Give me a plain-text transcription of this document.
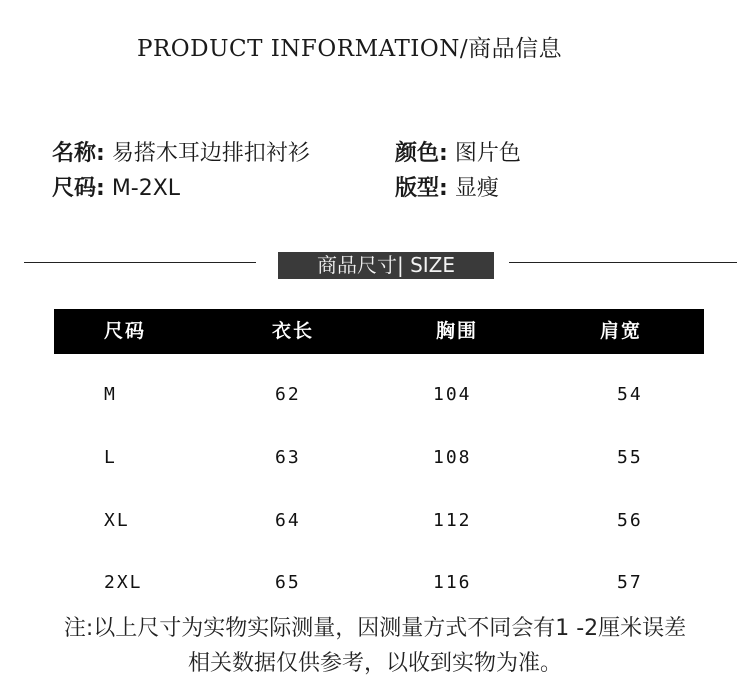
PRODUCT INFORMATION/商品信息
名称: 易搭木耳边排扣衬衫	颜色: 图片色
尺码: M-2XL	版型: 显瘦
商品尺寸| SIZE
尺码	衣长	胸围	肩宽
M	62	104	54
L	63	108	55
XL	64	112	56
2XL	65	116	57
注:以上尺寸为实物实际测量，因测量方式不同会有1 -2厘米误差
相关数据仅供参考，以收到实物为准。
